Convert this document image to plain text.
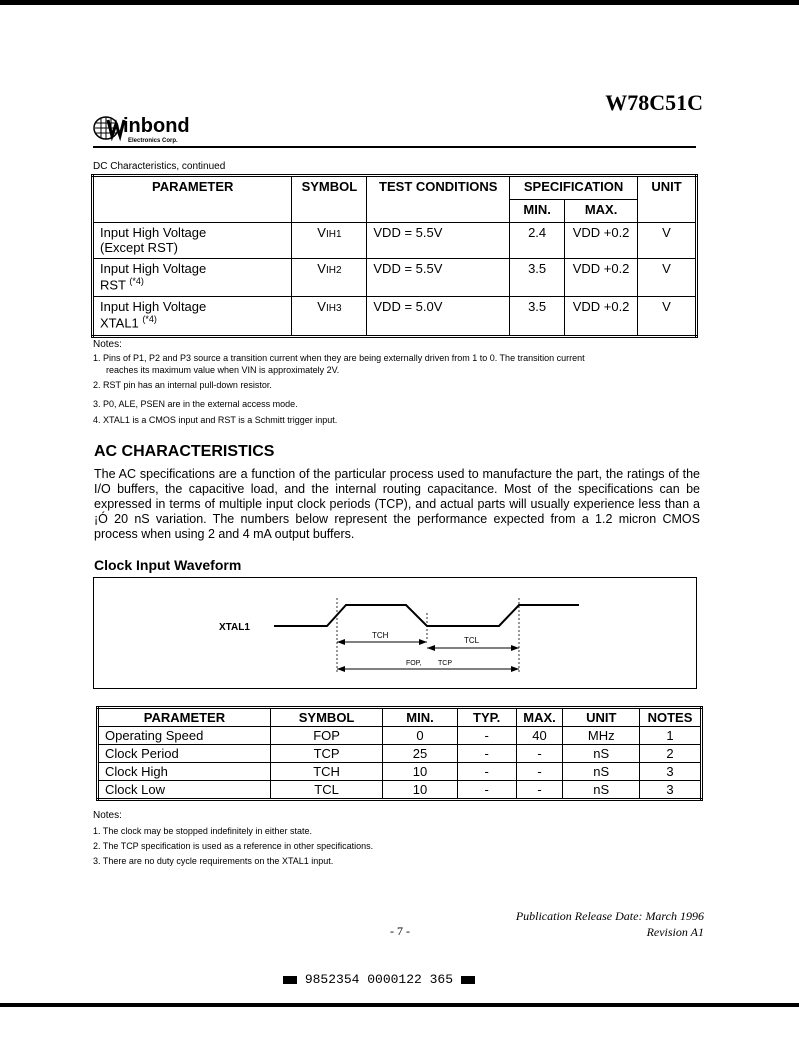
W78C51C
inbond
Electronics Corp.
DC Characteristics, continued
PARAMETER	SYMBOL	TEST CONDITIONS	SPECIFICATION		UNIT
			MIN.	MAX.	
Input High Voltage
(Except RST)	VIH1	VDD = 5.5V	2.4	VDD +0.2	V
Input High Voltage
RST $^{(*4)}$	VIH2	VDD = 5.5V	3.5	VDD +0.2	V
Input High Voltage
XTAL1 $^{(*4)}$	VIH3	VDD = 5.0V	3.5	VDD +0.2	V
Notes:
1. Pins of P1, P2 and P3 source a transition current when they are being externally driven from 1 to 0. The transition current
reaches its maximum value when VIN is approximately 2V.
2. RST pin has an internal pull-down resistor.
3. P0, ALE, PSEN are in the external access mode.
4. XTAL1 is a CMOS input and RST is a Schmitt trigger input.
AC CHARACTERISTICS
The AC specifications are a function of the particular process used to manufacture the part, the ratings of the I/O buffers, the capacitive load, and the internal routing capacitance. Most of the specifications can be expressed in terms of multiple input clock periods (TCP), and actual parts will usually experience less than a ¡Ó 20 nS variation. The numbers below represent the performance expected from a 1.2 micron CMOS process when using 2 and 4 mA output buffers.
Clock Input Waveform
XTAL1
TCH
TCL
FOP, TCP
PARAMETER	SYMBOL	MIN.	TYP.	MAX.	UNIT	NOTES
Operating Speed	FOP	0	-	40	MHz	1
Clock Period	TCP	25	-	-	nS	2
Clock High	TCH	10	-	-	nS	3
Clock Low	TCL	10	-	-	nS	3
Notes:
1. The clock may be stopped indefinitely in either state.
2. The TCP specification is used as a reference in other specifications.
3. There are no duty cycle requirements on the XTAL1 input.
Publication Release Date: March 1996
Revision A1
- 7 -
9852354 0000122 365
